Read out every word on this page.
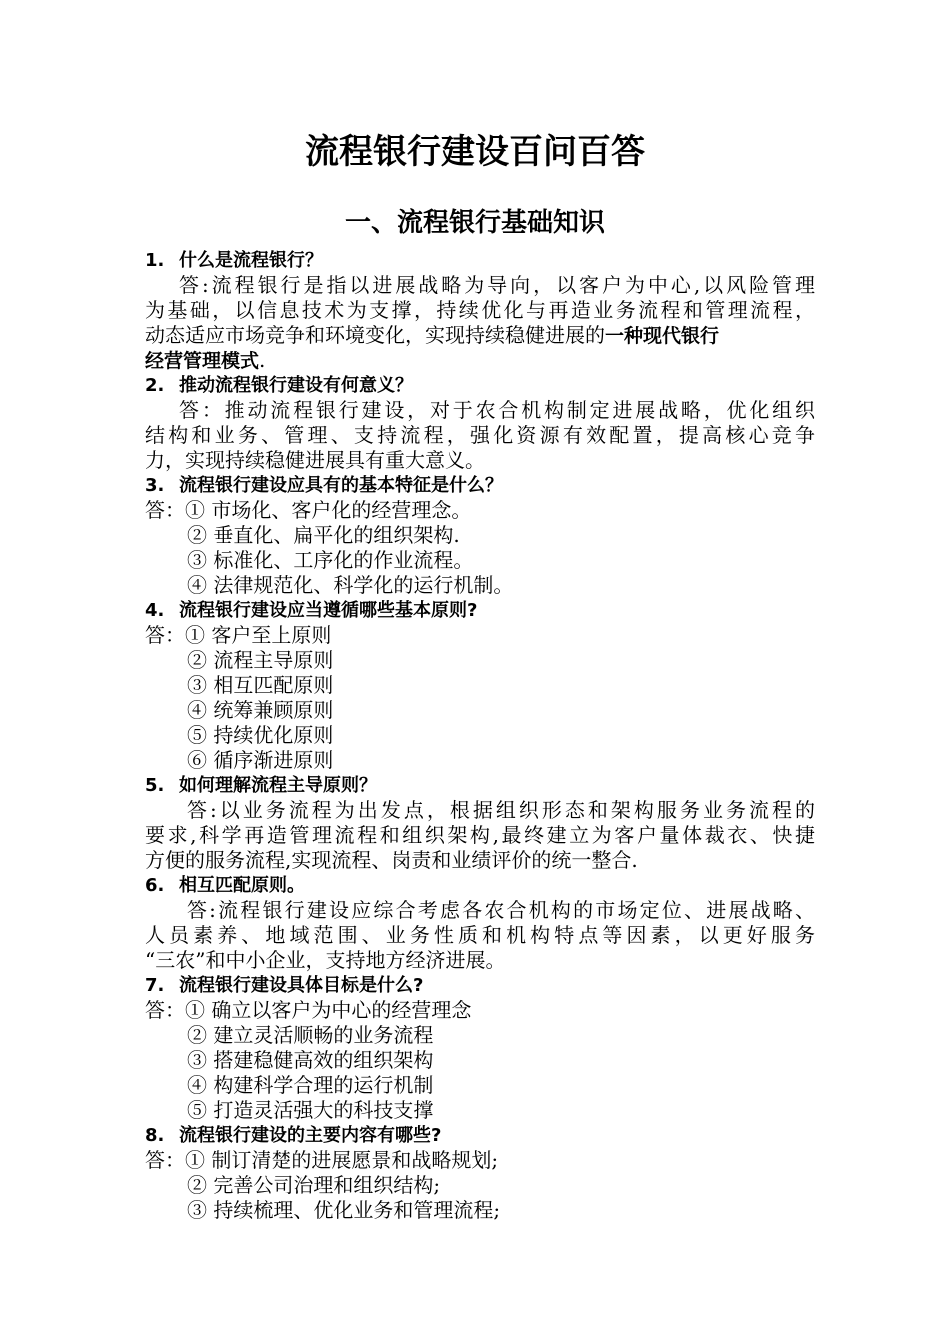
流程银行建设百问百答
一、流程银行基础知识
1. 什么是流程银行？
答:流程银行是指以进展战略为导向，以客户为中心,以风险管理
为基础，以信息技术为支撑，持续优化与再造业务流程和管理流程，
动态适应市场竞争和环境变化，实现持续稳健进展的一种现代银行
经营管理模式.
2. 推动流程银行建设有何意义？
答：推动流程银行建设，对于农合机构制定进展战略，优化组织
结构和业务、管理、支持流程，强化资源有效配置，提高核心竞争
力，实现持续稳健进展具有重大意义。
3. 流程银行建设应具有的基本特征是什么？
答：① 市场化、客户化的经营理念。
② 垂直化、扁平化的组织架构.
③ 标准化、工序化的作业流程。
④ 法律规范化、科学化的运行机制。
4. 流程银行建设应当遵循哪些基本原则?
答：① 客户至上原则
② 流程主导原则
③ 相互匹配原则
④ 统筹兼顾原则
⑤ 持续优化原则
⑥ 循序渐进原则
5. 如何理解流程主导原则？
答:以业务流程为出发点，根据组织形态和架构服务业务流程的
要求,科学再造管理流程和组织架构,最终建立为客户量体裁衣、快捷
方便的服务流程,实现流程、岗责和业绩评价的统一整合.
6. 相互匹配原则。
答:流程银行建设应综合考虑各农合机构的市场定位、进展战略、
人员素养、地域范围、业务性质和机构特点等因素，以更好服务
“三农”和中小企业，支持地方经济进展。
7. 流程银行建设具体目标是什么?
答：① 确立以客户为中心的经营理念
② 建立灵活顺畅的业务流程
③ 搭建稳健高效的组织架构
④ 构建科学合理的运行机制
⑤ 打造灵活强大的科技支撑
8. 流程银行建设的主要内容有哪些?
答：① 制订清楚的进展愿景和战略规划;
② 完善公司治理和组织结构;
③ 持续梳理、优化业务和管理流程;
